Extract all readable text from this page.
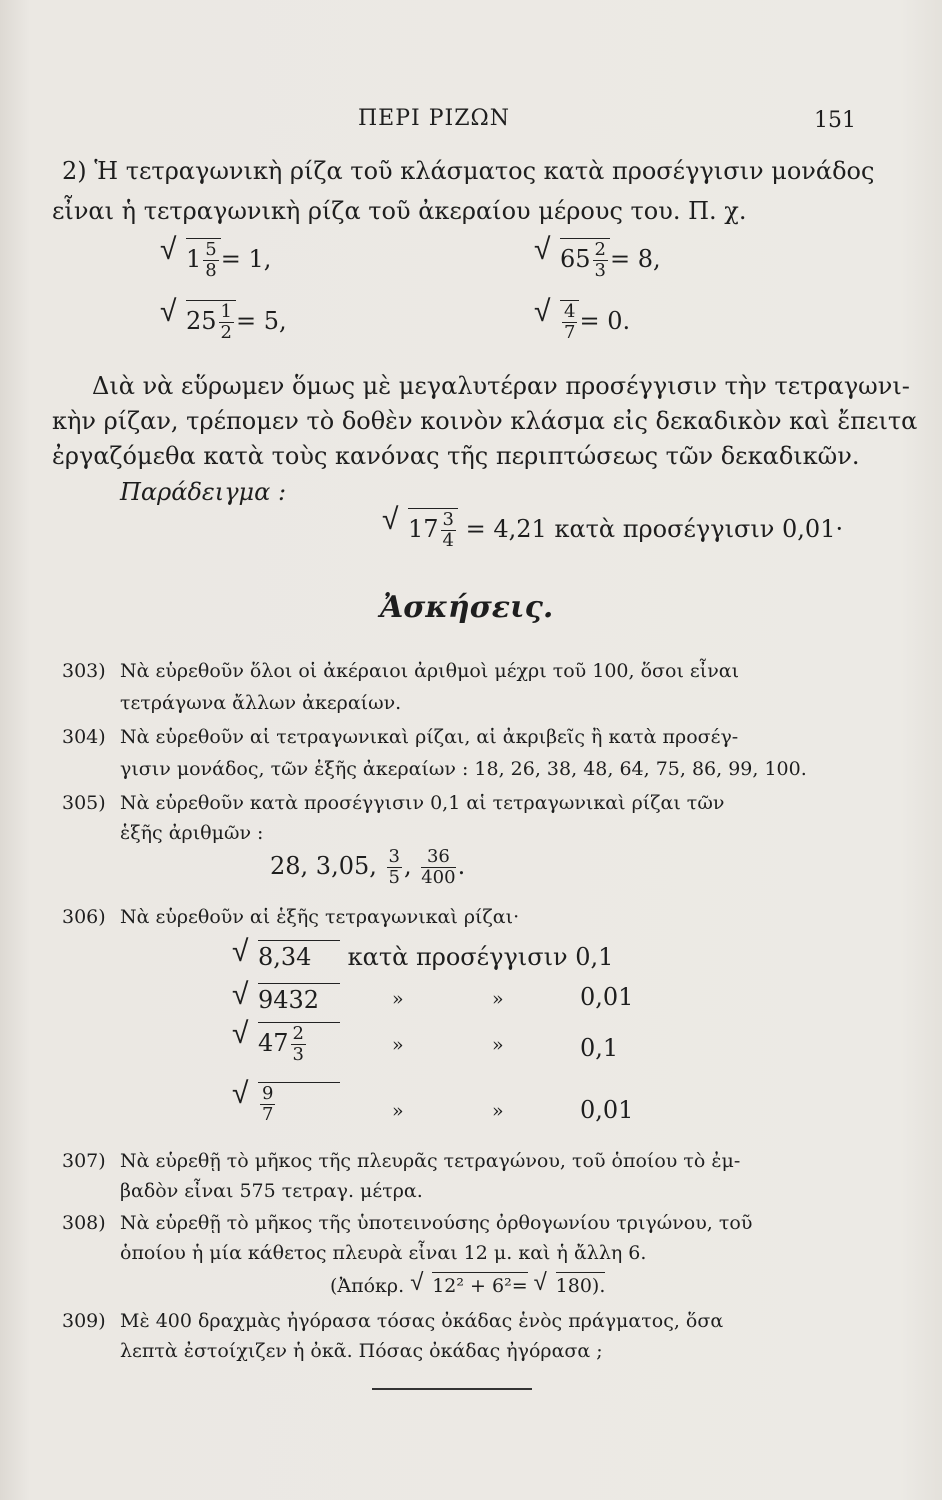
ΠΕΡΙ ΡΙΖΩΝ	151
2) Ἡ τετραγωνικὴ ρίζα τοῦ κλάσματος κατὰ προσέγγισιν μονάδος
εἶναι ἡ τετραγωνικὴ ρίζα τοῦ ἀκεραίου μέρους του. Π. χ.
√ $1 \frac{5}{8} = 1$,	√ $65 \frac{2}{3} = 8$,
√ $25 \frac{1}{2} = 5$,	√ $\frac{4}{7} = 0$.
Διὰ νὰ εὕρωμεν ὅμως μὲ μεγαλυτέραν προσέγγισιν τὴν τετραγωνι-
κὴν ρίζαν, τρέπομεν τὸ δοθὲν κοινὸν κλάσμα εἰς δεκαδικὸν καὶ ἔπειτα
ἐργαζόμεθα κατὰ τοὺς κανόνας τῆς περιπτώσεως τῶν δεκαδικῶν.
Παράδειγμα :
√ $17 \frac{3}{4} = 4,21$ κατὰ προσέγγισιν 0,01·
Ἀσκήσεις.
303) Νὰ εὑρεθοῦν ὅλοι οἱ ἀκέραιοι ἀριθμοὶ μέχρι τοῦ 100, ὅσοι εἶναι
τετράγωνα ἄλλων ἀκεραίων.
304) Νὰ εὑρεθοῦν αἱ τετραγωνικαὶ ρίζαι, αἱ ἀκριβεῖς ἢ κατὰ προσέγ-
γισιν μονάδος, τῶν ἑξῆς ἀκεραίων : 18, 26, 38, 48, 64, 75, 86, 99, 100.
305) Νὰ εὑρεθοῦν κατὰ προσέγγισιν 0,1 αἱ τετραγωνικαὶ ρίζαι τῶν
ἑξῆς ἀριθμῶν :
28, 3,05, $\frac{3}{5}$ , $\frac{36}{400}$ .
306) Νὰ εὑρεθοῦν αἱ ἑξῆς τετραγωνικαὶ ρίζαι·
√ 8,34 κατὰ προσέγγισιν 0,1
√ 9432	»	»	0,01
√ $47 \frac{2}{3}$	»	»	0,1
√ $\frac{9}{7}$	»	»	0,01
307) Νὰ εὑρεθῇ τὸ μῆκος τῆς πλευρᾶς τετραγώνου, τοῦ ὁποίου τὸ ἐμ-
βαδὸν εἶναι 575 τετραγ. μέτρα.
308) Νὰ εὑρεθῇ τὸ μῆκος τῆς ὑποτεινούσης ὀρθογωνίου τριγώνου, τοῦ
ὁποίου ἡ μία κάθετος πλευρὰ εἶναι 12 μ. καὶ ἡ ἄλλη 6.
(Ἀπόκρ. √ 12² + 6²= √ 180).
309) Μὲ 400 δραχμὰς ἠγόρασα τόσας ὀκάδας ἑνὸς πράγματος, ὅσα
λεπτὰ ἐστοίχιζεν ἡ ὀκᾶ. Πόσας ὀκάδας ἠγόρασα ;
